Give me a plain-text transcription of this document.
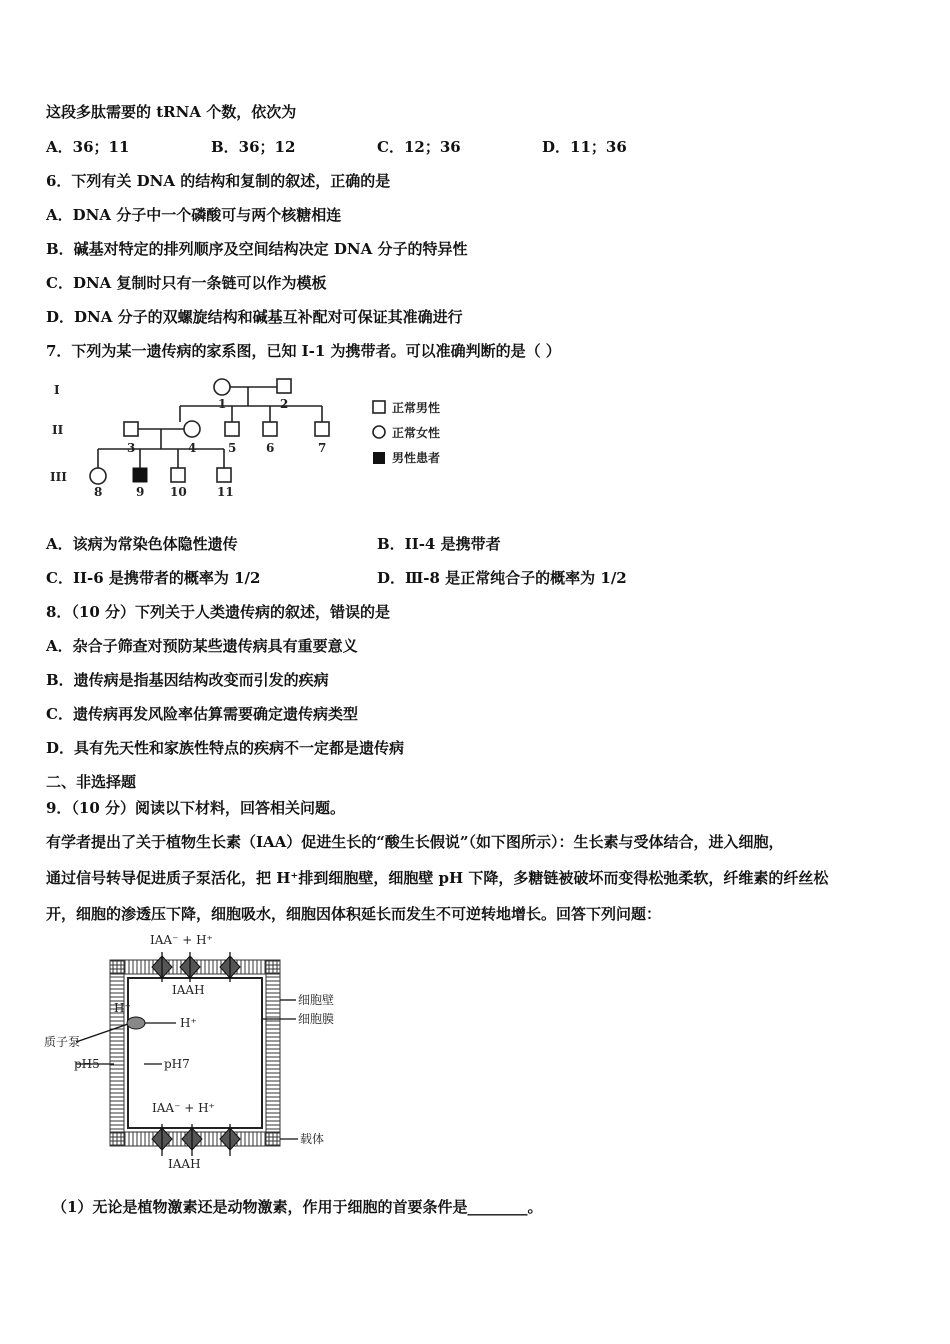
这段多肽需要的 tRNA 个数，依次为
A．36；11	B．36；12	C．12；36	D．11；36
6．下列有关 DNA 的结构和复制的叙述，正确的是
A．DNA 分子中一个磷酸可与两个核糖相连
B．碱基对特定的排列顺序及空间结构决定 DNA 分子的特异性
C．DNA 复制时只有一条链可以作为模板
D．DNA 分子的双螺旋结构和碱基互补配对可保证其准确进行
7．下列为某一遗传病的家系图，已知 I-1 为携带者。可以准确判断的是（ ）
I
II
III
1	2
3	4	5 6	7
8	9 10	11
正常男性
正常女性
男性患者
A．该病为常染色体隐性遗传	B．II-4 是携带者
C．II-6 是携带者的概率为 1/2	D．Ⅲ-8 是正常纯合子的概率为 1/2
8．（10 分）下列关于人类遗传病的叙述，错误的是
A．杂合子筛查对预防某些遗传病具有重要意义
B．遗传病是指基因结构改变而引发的疾病
C．遗传病再发风险率估算需要确定遗传病类型
D．具有先天性和家族性特点的疾病不一定都是遗传病
二、非选择题
9．（10 分）阅读以下材料，回答相关问题。
有学者提出了关于植物生长素（IAA）促进生长的“酸生长假说”（如下图所示）：生长素与受体结合，进入细胞，
通过信号转导促进质子泵活化，把 H⁺排到细胞壁，细胞壁 pH 下降，多糖链被破坏而变得松弛柔软，纤维素的纤丝松
开，细胞的渗透压下降，细胞吸水，细胞因体积延长而发生不可逆转地增长。回答下列问题：
IAA⁻ + H⁺
IAAH
H⁺
H⁺
质子泵
pH5	pH7
IAA⁻ + H⁺
IAAH
细胞壁
细胞膜
载体
（1）无论是植物激素还是动物激素，作用于细胞的首要条件是________。
